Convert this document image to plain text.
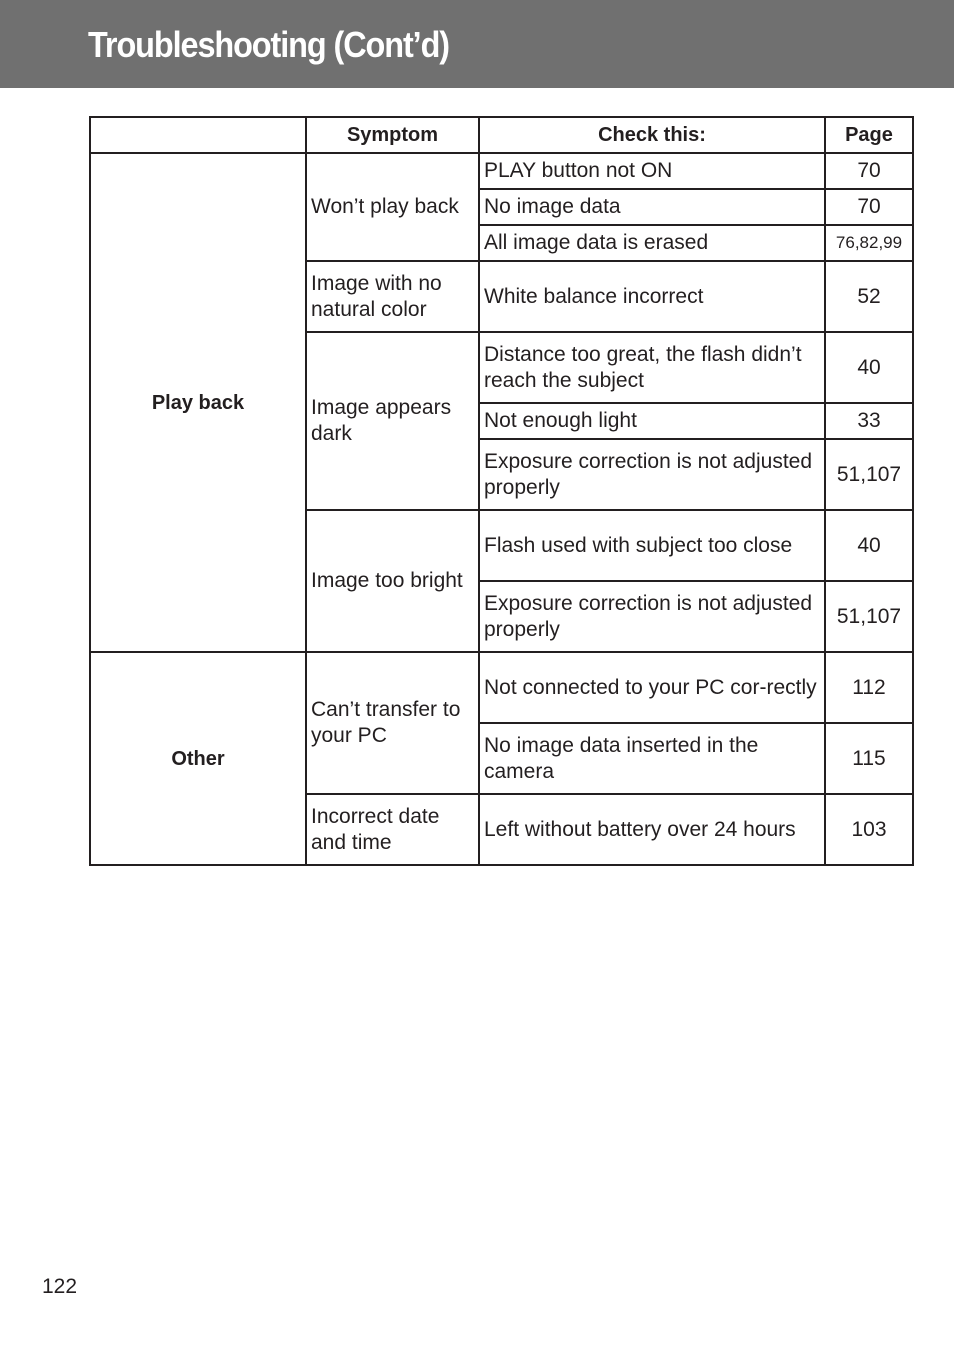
Troubleshooting (Cont’d)
	Symptom	Check this:	Page
Play back	Won’t play back	PLAY button not ON	70
		No image data	70
		All image data is erased	76,82,99
	Image with no natural color	White balance incorrect	52
	Image appears dark	Distance too great, the flash didn’t reach the subject	40
		Not enough light	33
		Exposure correction is not adjusted properly	51,107
	Image too bright	Flash used with subject too close	40
		Exposure correction is not adjusted properly	51,107
Other	Can’t transfer to your PC	Not connected to your PC cor-rectly	112
		No image data inserted in the camera	115
	Incorrect date and time	Left without battery over 24 hours	103
122
